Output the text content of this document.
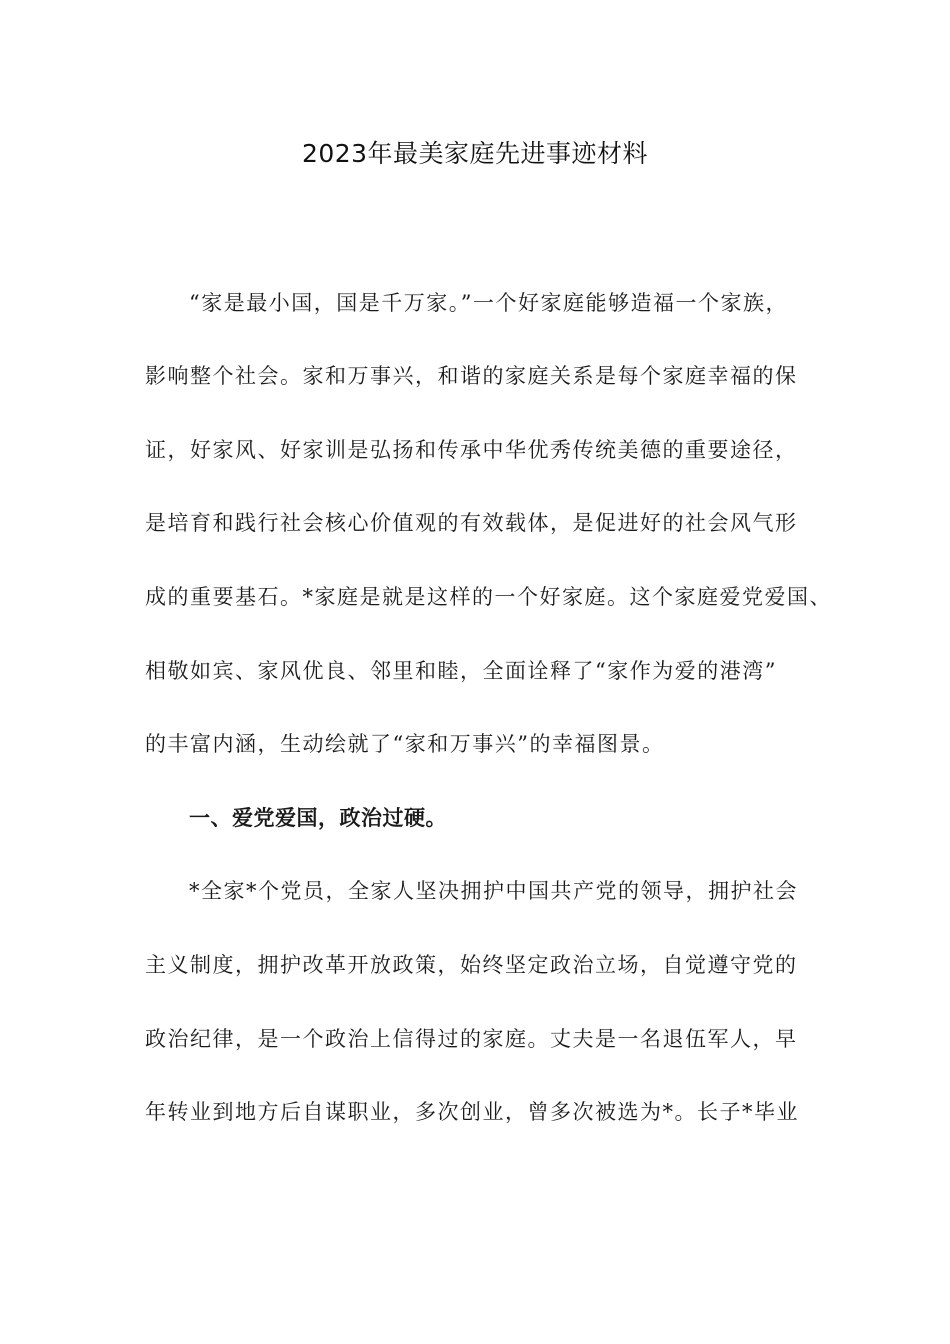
2023年最美家庭先进事迹材料
“家是最小国，国是千万家。”一个好家庭能够造福一个家族，
影响整个社会。家和万事兴，和谐的家庭关系是每个家庭幸福的保
证，好家风、好家训是弘扬和传承中华优秀传统美德的重要途径，
是培育和践行社会核心价值观的有效载体，是促进好的社会风气形
成的重要基石。*家庭是就是这样的一个好家庭。这个家庭爱党爱国、
相敬如宾、家风优良、邻里和睦，全面诠释了“家作为爱的港湾”
的丰富内涵，生动绘就了“家和万事兴”的幸福图景。
一、爱党爱国，政治过硬。
*全家*个党员，全家人坚决拥护中国共产党的领导，拥护社会
主义制度，拥护改革开放政策，始终坚定政治立场，自觉遵守党的
政治纪律，是一个政治上信得过的家庭。丈夫是一名退伍军人，早
年转业到地方后自谋职业，多次创业，曾多次被选为*。长子*毕业
